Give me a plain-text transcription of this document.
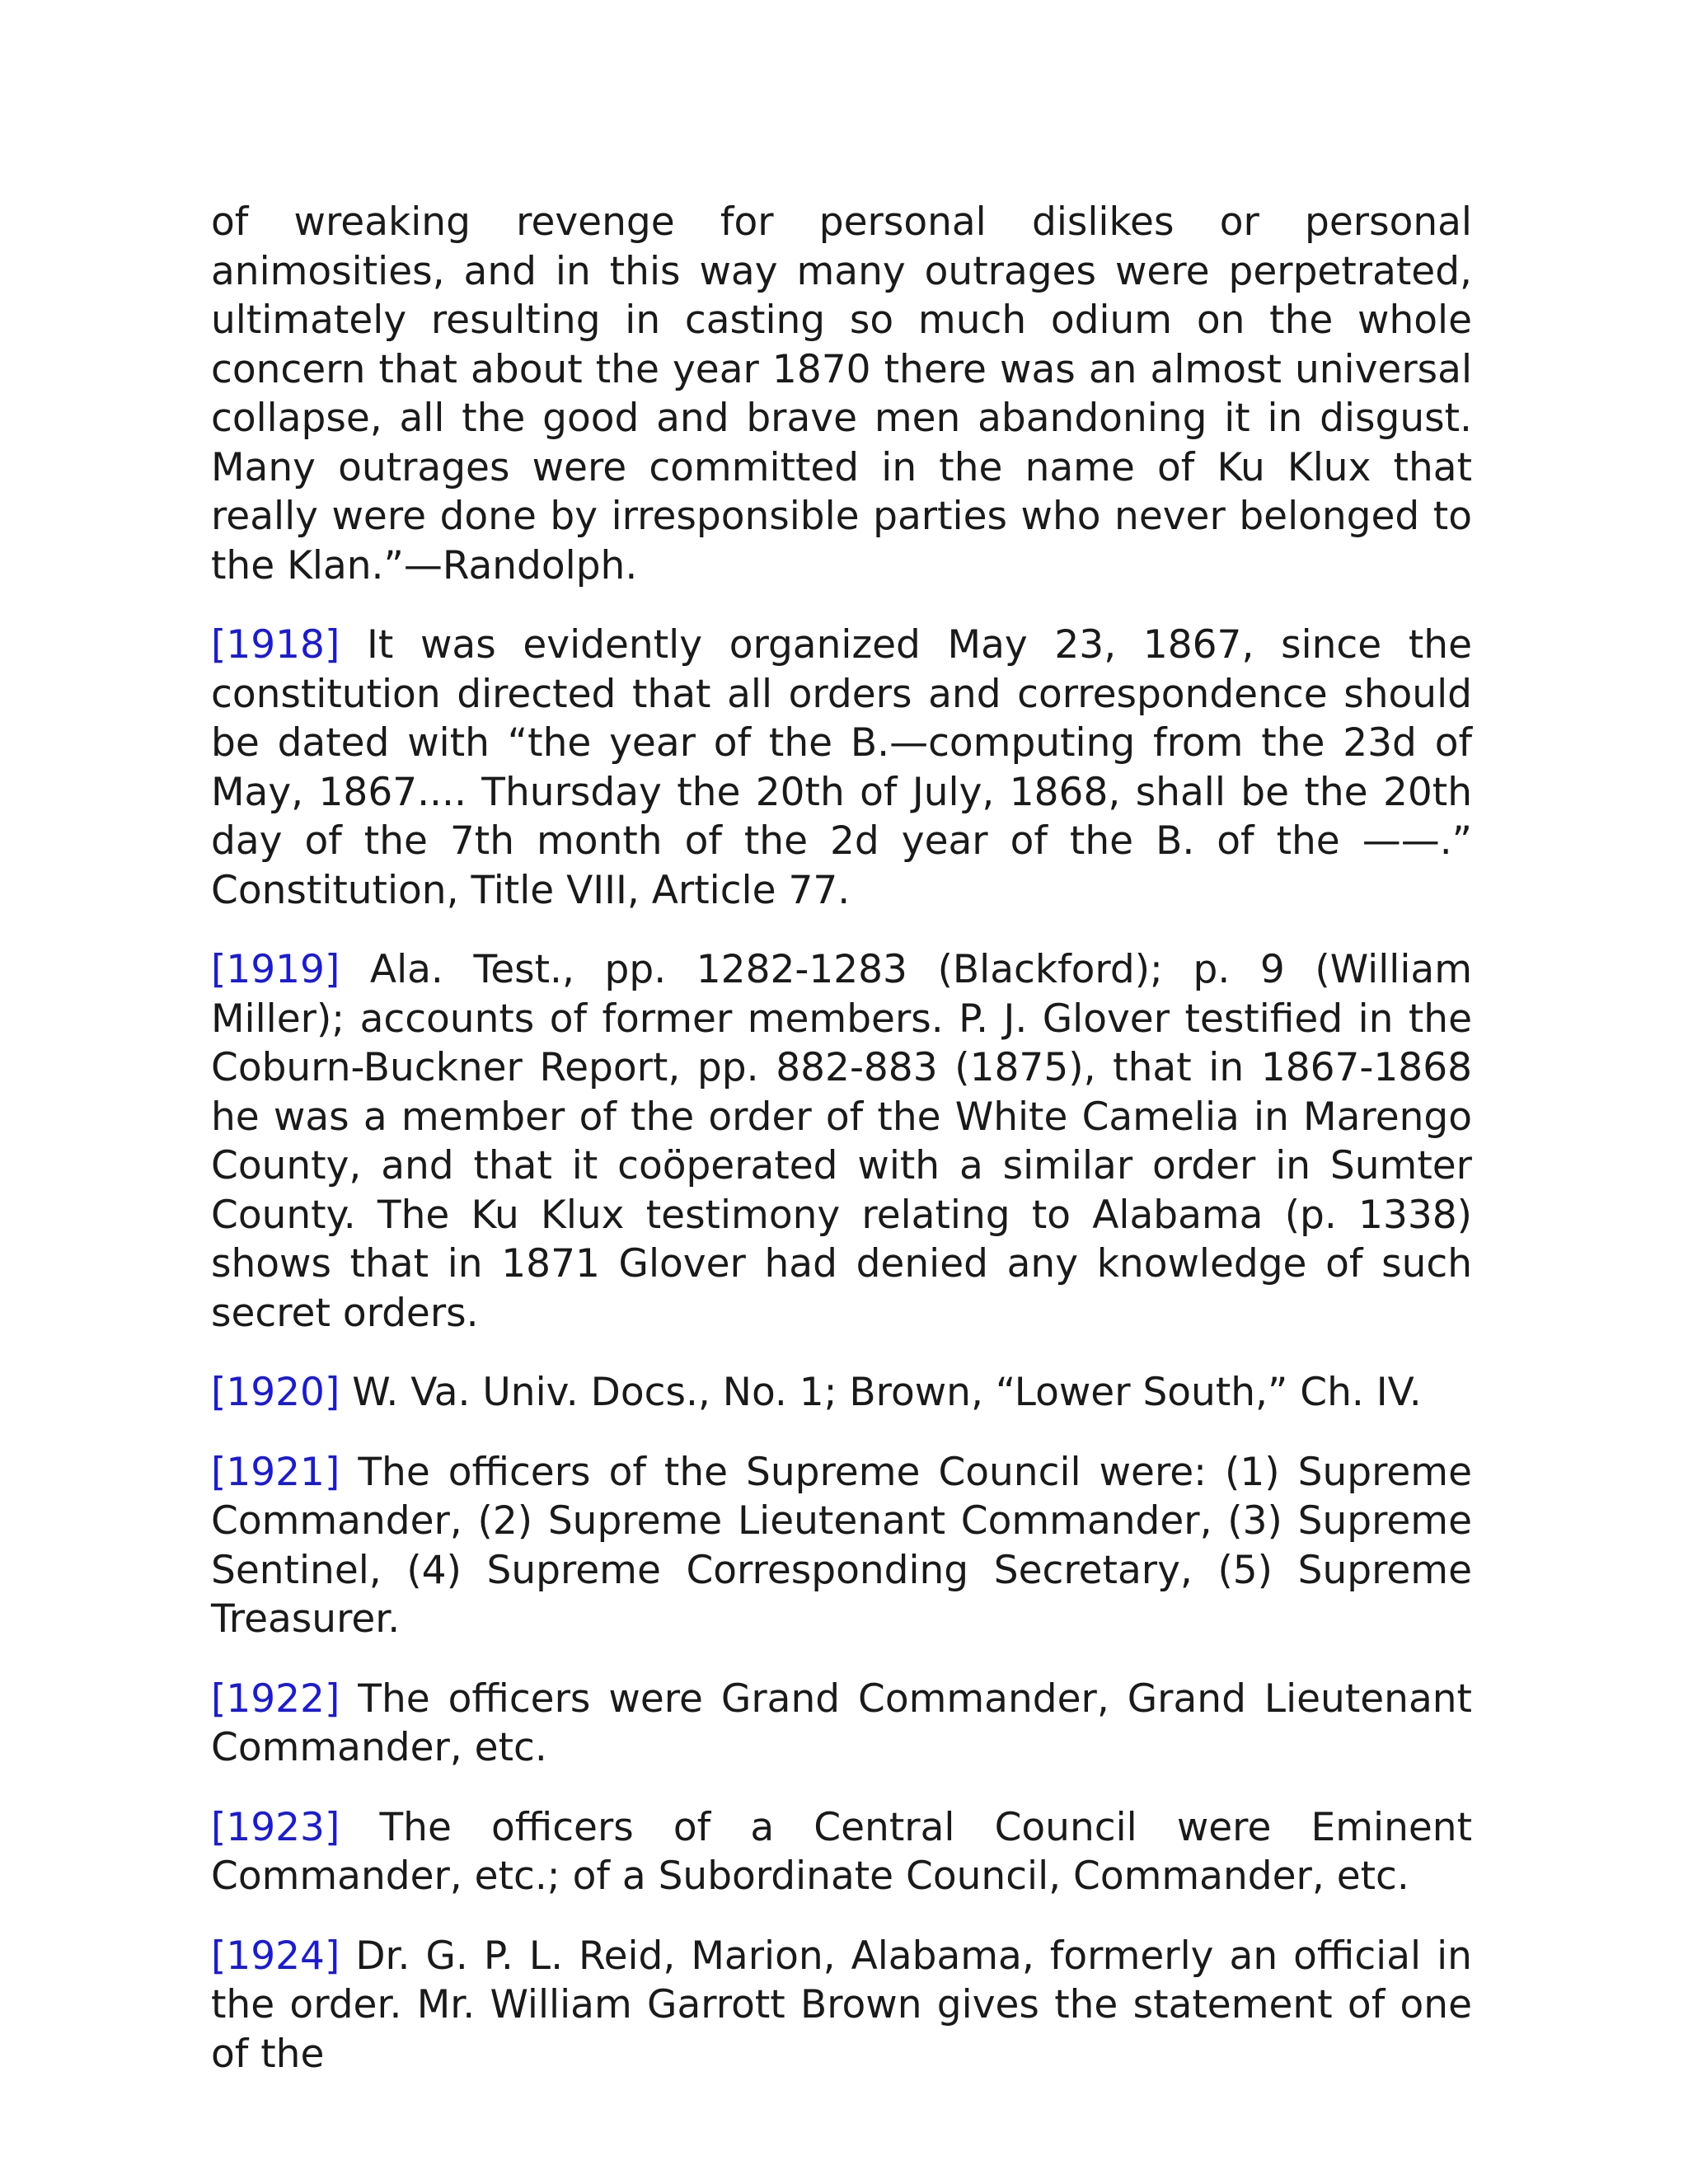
of wreaking revenge for personal dislikes or personal animosities, and in this way many outrages were perpetrated, ultimately resulting in casting so much odium on the whole concern that about the year 1870 there was an almost universal collapse, all the good and brave men abandoning it in disgust. Many outrages were committed in the name of Ku Klux that really were done by irresponsible parties who never belonged to the Klan.”—Randolph.

[1918] It was evidently organized May 23, 1867, since the constitution directed that all orders and correspondence should be dated with “the year of the B.—computing from the 23d of May, 1867.... Thursday the 20th of July, 1868, shall be the 20th day of the 7th month of the 2d year of the B. of the ——.” Constitution, Title VIII, Article 77.

[1919] Ala. Test., pp. 1282-1283 (Blackford); p. 9 (William Miller); accounts of former members. P. J. Glover testified in the Coburn-Buckner Report, pp. 882-883 (1875), that in 1867-1868 he was a member of the order of the White Camelia in Marengo County, and that it coöperated with a similar order in Sumter County. The Ku Klux testimony relating to Alabama (p. 1338) shows that in 1871 Glover had denied any knowledge of such secret orders.

[1920] W. Va. Univ. Docs., No. 1; Brown, “Lower South,” Ch. IV.

[1921] The officers of the Supreme Council were: (1) Supreme Commander, (2) Supreme Lieutenant Commander, (3) Supreme Sentinel, (4) Supreme Corresponding Secretary, (5) Supreme Treasurer.

[1922] The officers were Grand Commander, Grand Lieutenant Commander, etc.

[1923] The officers of a Central Council were Eminent Commander, etc.; of a Subordinate Council, Commander, etc.

[1924] Dr. G. P. L. Reid, Marion, Alabama, formerly an official in the order. Mr. William Garrott Brown gives the statement of one of the
